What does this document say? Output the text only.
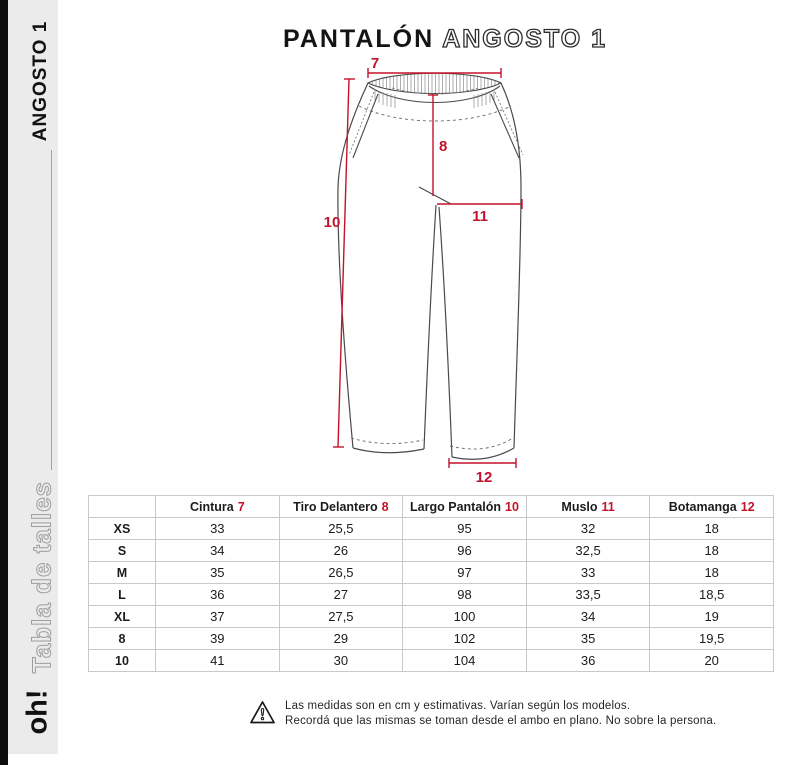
ANGOSTO 1
Tabla de talles
oh!
PANTALÓN ANGOSTO 1
7
10
8
11
12
	Cintura 7	Tiro Delantero 8	Largo Pantalón 10	Muslo 11	Botamanga 12
XS	33	25,5	95	32	18
S	34	26	96	32,5	18
M	35	26,5	97	33	18
L	36	27	98	33,5	18,5
XL	37	27,5	100	34	19
8	39	29	102	35	19,5
10	41	30	104	36	20
Las medidas son en cm y estimativas. Varían según los modelos.
Recordá que las mismas se toman desde el ambo en plano. No sobre la persona.
